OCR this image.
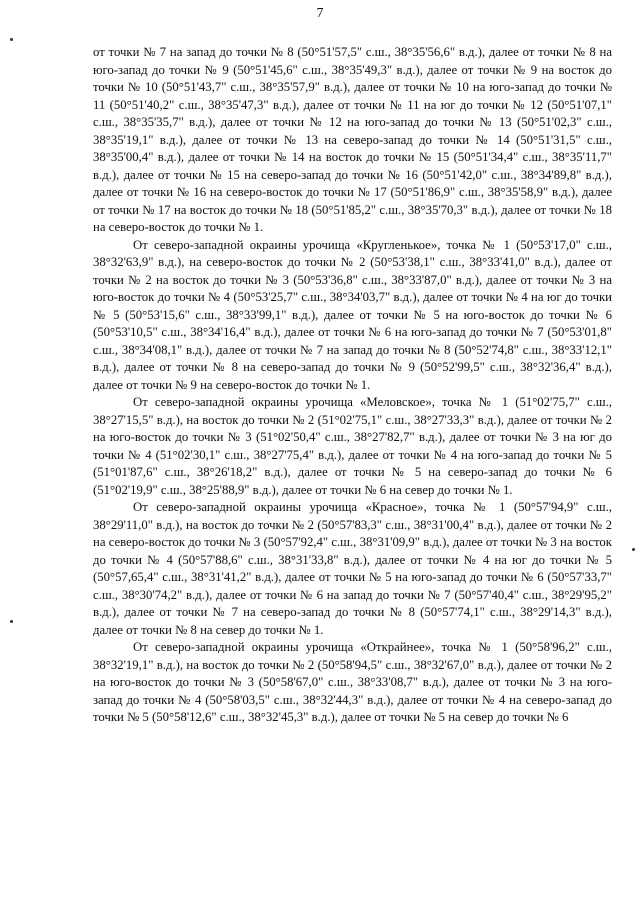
7

от точки № 7 на запад до точки № 8 (50°51'57,5" с.ш., 38°35'56,6" в.д.), далее от точки № 8 на юго-запад до точки № 9 (50°51'45,6" с.ш., 38°35'49,3" в.д.), далее от точки № 9 на восток до точки № 10 (50°51'43,7" с.ш., 38°35'57,9" в.д.), далее от точки № 10 на юго-запад до точки № 11 (50°51'40,2" с.ш., 38°35'47,3" в.д.), далее от точки № 11 на юг до точки № 12 (50°51'07,1" с.ш., 38°35'35,7" в.д.), далее от точки № 12 на юго-запад до точки № 13 (50°51'02,3" с.ш., 38°35'19,1" в.д.), далее от точки № 13 на северо-запад до точки № 14 (50°51'31,5" с.ш., 38°35'00,4" в.д.), далее от точки № 14 на восток до точки № 15 (50°51'34,4" с.ш., 38°35'11,7" в.д.), далее от точки № 15 на северо-запад до точки № 16 (50°51'42,0" с.ш., 38°34'89,8" в.д.), далее от точки № 16 на северо-восток до точки № 17 (50°51'86,9" с.ш., 38°35'58,9" в.д.), далее от точки № 17 на восток до точки № 18 (50°51'85,2" с.ш., 38°35'70,3" в.д.), далее от точки № 18 на северо-восток до точки № 1.

От северо-западной окраины урочища «Кругленькое», точка № 1 (50°53'17,0" с.ш., 38°32'63,9" в.д.), на северо-восток до точки № 2 (50°53'38,1" с.ш., 38°33'41,0" в.д.), далее от точки № 2 на восток до точки № 3 (50°53'36,8" с.ш., 38°33'87,0" в.д.), далее от точки № 3 на юго-восток до точки № 4 (50°53'25,7" с.ш., 38°34'03,7" в.д.), далее от точки № 4 на юг до точки № 5 (50°53'15,6" с.ш., 38°33'99,1" в.д.), далее от точки № 5 на юго-восток до точки № 6 (50°53'10,5" с.ш., 38°34'16,4" в.д.), далее от точки № 6 на юго-запад до точки № 7 (50°53'01,8" с.ш., 38°34'08,1" в.д.), далее от точки № 7 на запад до точки № 8 (50°52'74,8" с.ш., 38°33'12,1" в.д.), далее от точки № 8 на северо-запад до точки № 9 (50°52'99,5" с.ш., 38°32'36,4" в.д.), далее от точки № 9 на северо-восток до точки № 1.

От северо-западной окраины урочища «Меловское», точка № 1 (51°02'75,7" с.ш., 38°27'15,5" в.д.), на восток до точки № 2 (51°02'75,1" с.ш., 38°27'33,3" в.д.), далее от точки № 2 на юго-восток до точки № 3 (51°02'50,4" с.ш., 38°27'82,7" в.д.), далее от точки № 3 на юг до точки № 4 (51°02'30,1" с.ш., 38°27'75,4" в.д.), далее от точки № 4 на юго-запад до точки № 5 (51°01'87,6" с.ш., 38°26'18,2" в.д.), далее от точки № 5 на северо-запад до точки № 6 (51°02'19,9" с.ш., 38°25'88,9" в.д.), далее от точки № 6 на север до точки № 1.

От северо-западной окраины урочища «Красное», точка № 1 (50°57'94,9" с.ш., 38°29'11,0" в.д.), на восток до точки № 2 (50°57'83,3" с.ш., 38°31'00,4" в.д.), далее от точки № 2 на северо-восток до точки № 3 (50°57'92,4" с.ш., 38°31'09,9" в.д.), далее от точки № 3 на восток до точки № 4 (50°57'88,6" с.ш., 38°31'33,8" в.д.), далее от точки № 4 на юг до точки № 5 (50°57,65,4" с.ш., 38°31'41,2" в.д.), далее от точки № 5 на юго-запад до точки № 6 (50°57'33,7" с.ш., 38°30'74,2" в.д.), далее от точки № 6 на запад до точки № 7 (50°57'40,4" с.ш., 38°29'95,2" в.д.), далее от точки № 7 на северо-запад до точки № 8 (50°57'74,1" с.ш., 38°29'14,3" в.д.), далее от точки № 8 на север до точки № 1.

От северо-западной окраины урочища «Открайнее», точка № 1 (50°58'96,2" с.ш., 38°32'19,1" в.д.), на восток до точки № 2 (50°58'94,5" с.ш., 38°32'67,0" в.д.), далее от точки № 2 на юго-восток до точки № 3 (50°58'67,0" с.ш., 38°33'08,7" в.д.), далее от точки № 3 на юго-запад до точки № 4 (50°58'03,5" с.ш., 38°32'44,3" в.д.), далее от точки № 4 на северо-запад до точки № 5 (50°58'12,6" с.ш., 38°32'45,3" в.д.), далее от точки № 5 на север до точки № 6
